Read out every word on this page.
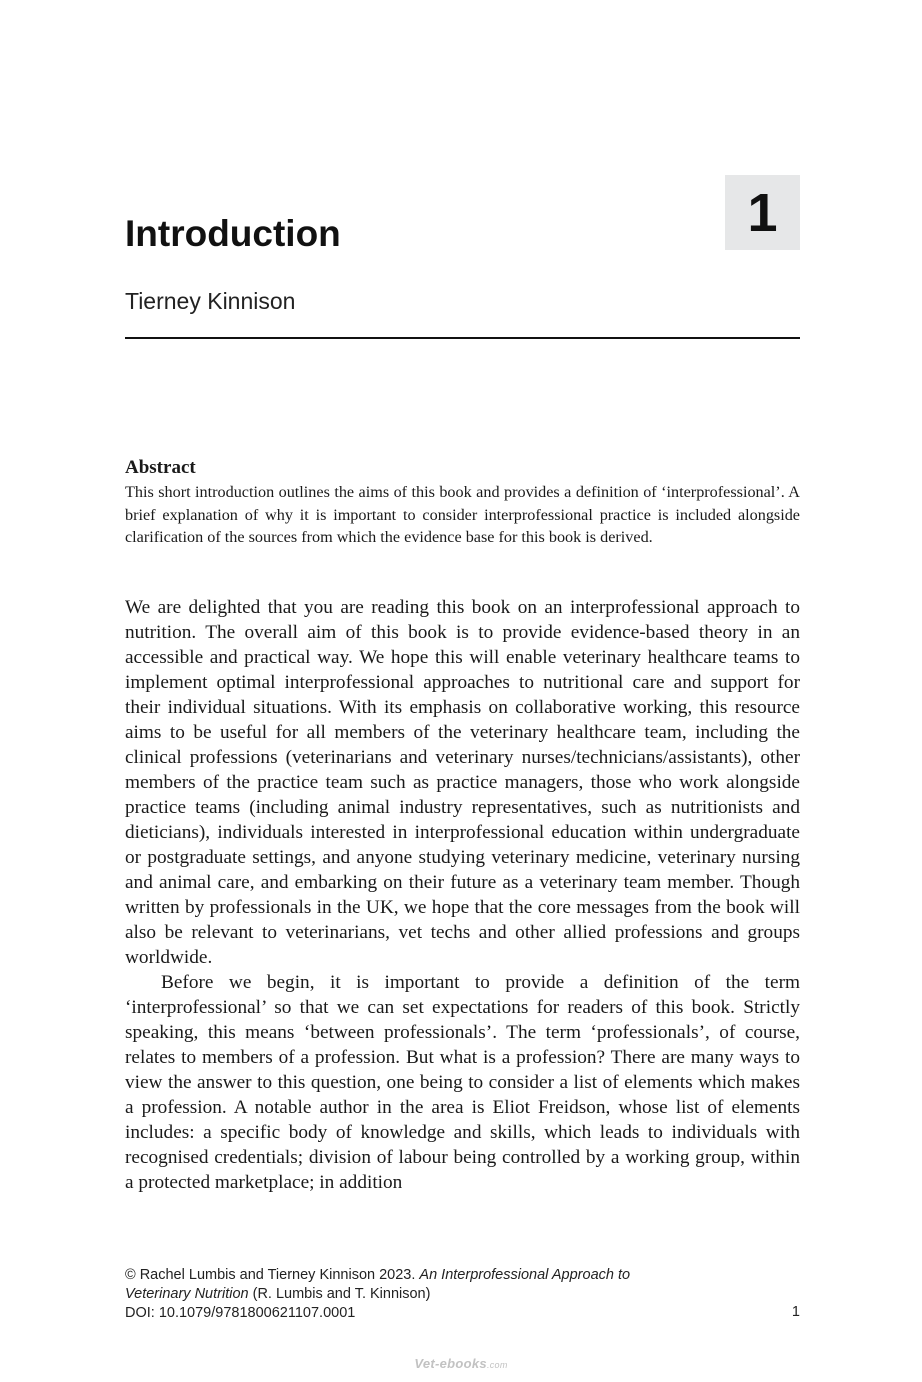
1
Introduction
Tierney Kinnison
Abstract

This short introduction outlines the aims of this book and provides a definition of ‘interprofessional’. A brief explanation of why it is important to consider interprofessional practice is included alongside clarification of the sources from which the evidence base for this book is derived.

We are delighted that you are reading this book on an interprofessional approach to nutrition. The overall aim of this book is to provide evidence-based theory in an accessible and practical way. We hope this will enable veterinary healthcare teams to implement optimal interprofessional approaches to nutritional care and support for their individual situations. With its emphasis on collaborative working, this resource aims to be useful for all members of the veterinary healthcare team, including the clinical professions (veterinarians and veterinary nurses/technicians/assistants), other members of the practice team such as practice managers, those who work alongside practice teams (including animal industry representatives, such as nutritionists and dieticians), individuals interested in interprofessional education within undergraduate or postgraduate settings, and anyone studying veterinary medicine, veterinary nursing and animal care, and embarking on their future as a veterinary team member. Though written by professionals in the UK, we hope that the core messages from the book will also be relevant to veterinarians, vet techs and other allied professions and groups worldwide.

Before we begin, it is important to provide a definition of the term ‘interprofessional’ so that we can set expectations for readers of this book. Strictly speaking, this means ‘between professionals’. The term ‘professionals’, of course, relates to members of a profession. But what is a profession? There are many ways to view the answer to this question, one being to consider a list of elements which makes a profession. A notable author in the area is Eliot Freidson, whose list of elements includes: a specific body of knowledge and skills, which leads to individuals with recognised credentials; division of labour being controlled by a working group, within a protected marketplace; in addition

© Rachel Lumbis and Tierney Kinnison 2023. An Interprofessional Approach to
Veterinary Nutrition (R. Lumbis and T. Kinnison)
DOI: 10.1079/9781800621107.0001	1
Vet-ebooks.com
